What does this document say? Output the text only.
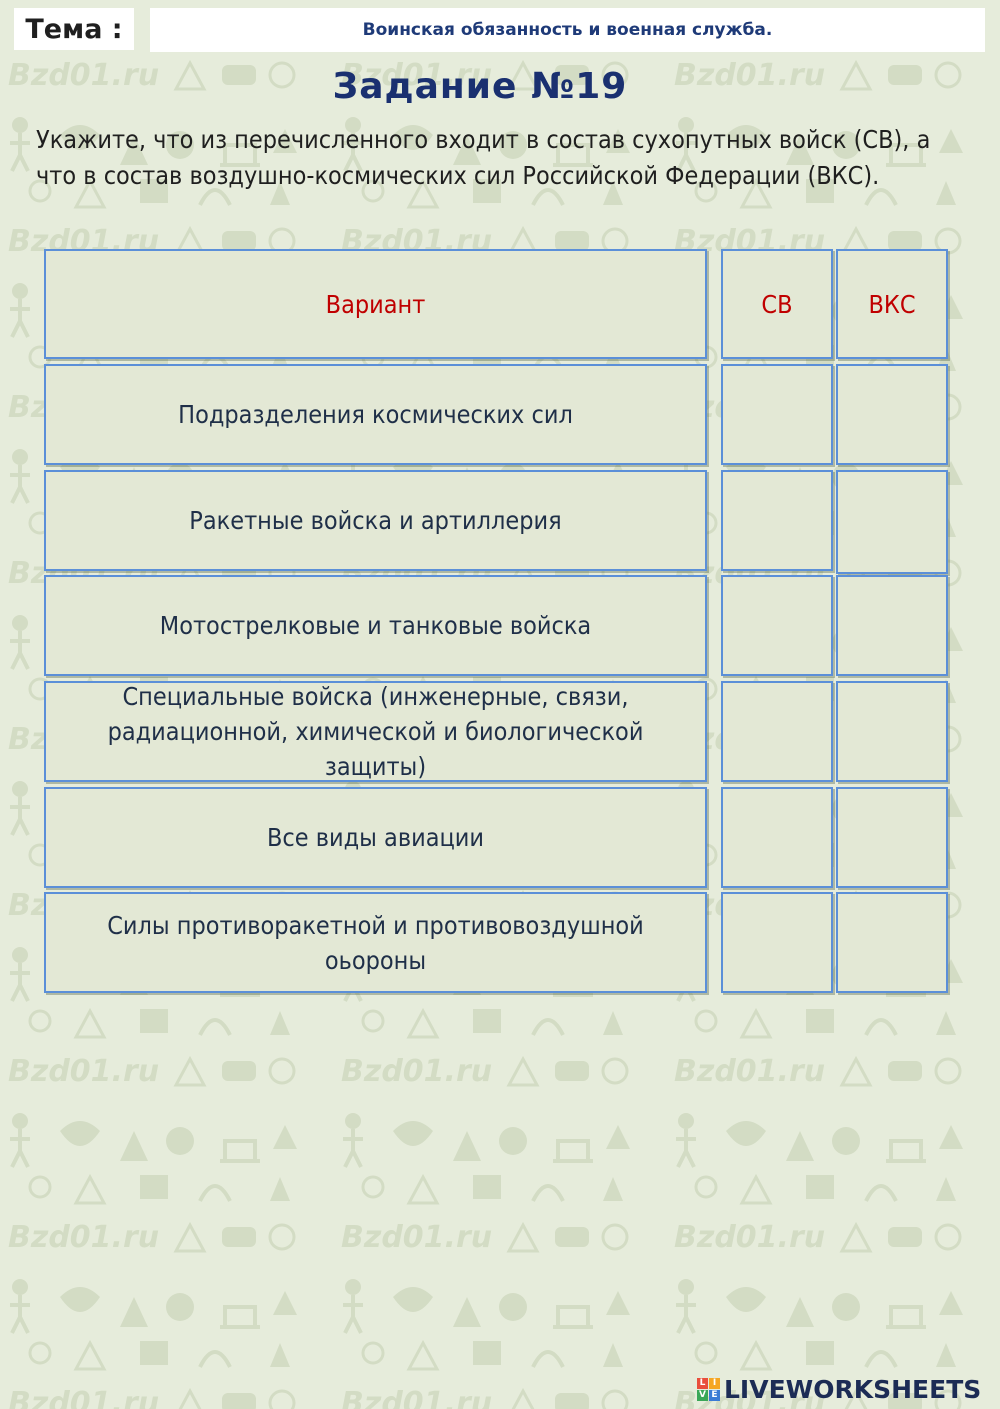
Тема :	Воинская обязанность и военная служба.
Задание №19
Укажите, что из перечисленного входит в состав сухопутных войск (СВ), а что в состав воздушно-космических сил Российской Федерации (ВКС).
Вариант	СВ	ВКС
Подразделения космических сил
Ракетные войска и артиллерия
Мотострелковые и танковые войска
Специальные войска (инженерные, связи, радиационной, химической и биологической защиты)
Все виды авиации
Силы противоракетной и противовоздушной оьороны
L I
V E LIVEWORKSHEETS
